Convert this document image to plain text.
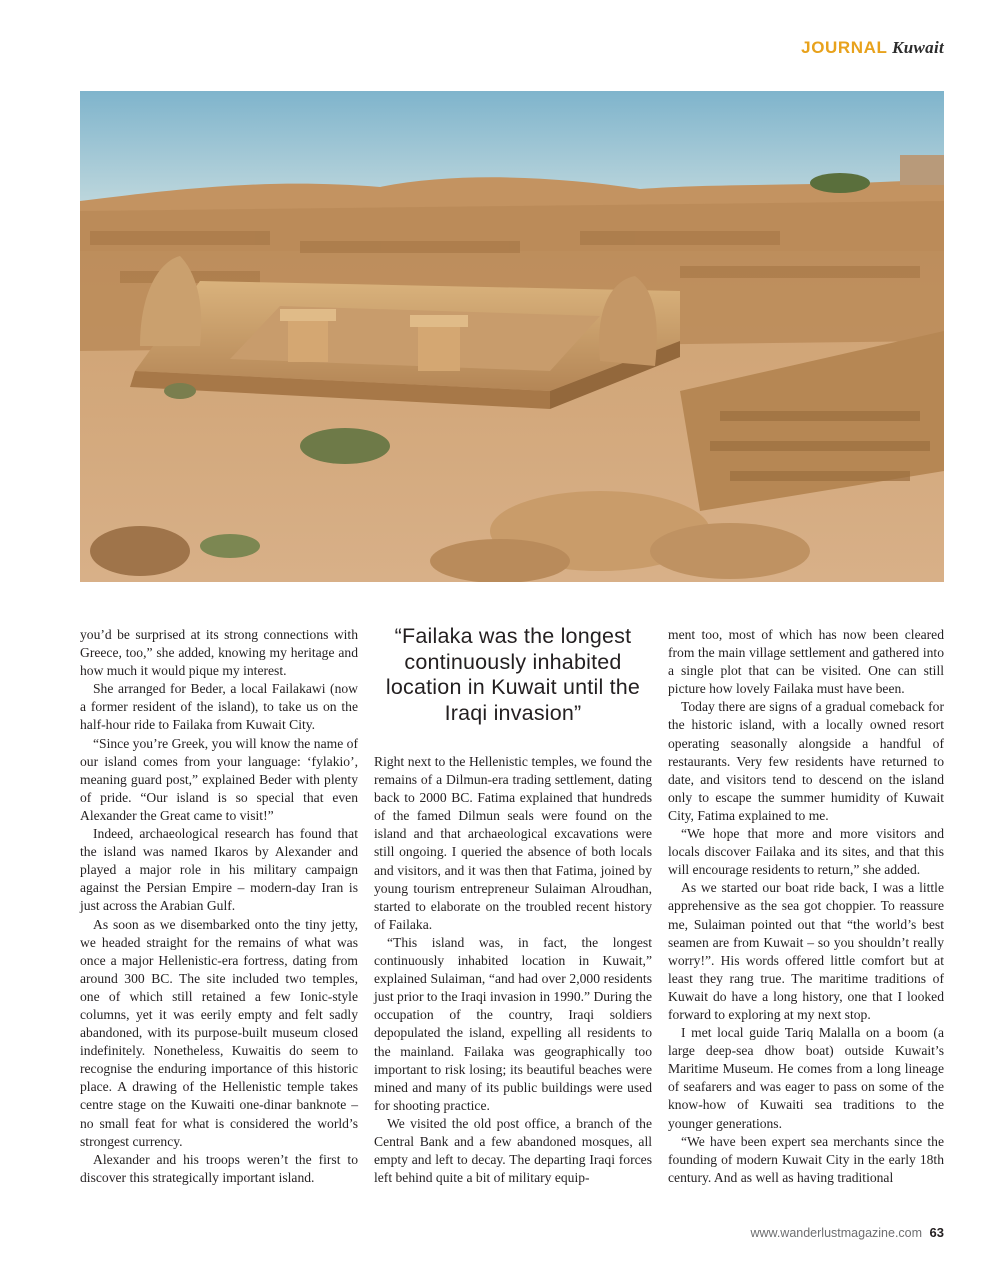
JOURNAL Kuwait

you’d be surprised at its strong connections with Greece, too,” she added, knowing my heritage and how much it would pique my interest.

She arranged for Beder, a local Failakawi (now a former resident of the island), to take us on the half-hour ride to Failaka from Kuwait City.

“Since you’re Greek, you will know the name of our island comes from your language: ‘fylakio’, meaning guard post,” explained Beder with plenty of pride. “Our island is so special that even Alexander the Great came to visit!”

Indeed, archaeological research has found that the island was named Ikaros by Alexander and played a major role in his military campaign against the Persian Empire – modern-day Iran is just across the Arabian Gulf.

As soon as we disembarked onto the tiny jetty, we headed straight for the remains of what was once a major Hellenistic-era fortress, dating from around 300 BC. The site included two temples, one of which still retained a few Ionic-style columns, yet it was eerily empty and felt sadly abandoned, with its purpose-built museum closed indefinitely. Nonetheless, Kuwaitis do seem to recognise the enduring importance of this historic place. A drawing of the Hellenistic temple takes centre stage on the Kuwaiti one-dinar banknote – no small feat for what is considered the world’s strongest currency.

Alexander and his troops weren’t the first to discover this strategically important island.

“Failaka was the longest continuously inhabited location in Kuwait until the Iraqi invasion”

Right next to the Hellenistic temples, we found the remains of a Dilmun-era trading settlement, dating back to 2000 BC. Fatima explained that hundreds of the famed Dilmun seals were found on the island and that archaeological excavations were still ongoing. I queried the absence of both locals and visitors, and it was then that Fatima, joined by young tourism entrepreneur Sulaiman Alroudhan, started to elaborate on the troubled recent history of Failaka.

“This island was, in fact, the longest continuously inhabited location in Kuwait,” explained Sulaiman, “and had over 2,000 residents just prior to the Iraqi invasion in 1990.” During the occupation of the country, Iraqi soldiers depopulated the island, expelling all residents to the mainland. Failaka was geographically too important to risk losing; its beautiful beaches were mined and many of its public buildings were used for shooting practice.

We visited the old post office, a branch of the Central Bank and a few abandoned mosques, all empty and left to decay. The departing Iraqi forces left behind quite a bit of military equip-

ment too, most of which has now been cleared from the main village settlement and gathered into a single plot that can be visited. One can still picture how lovely Failaka must have been.

Today there are signs of a gradual comeback for the historic island, with a locally owned resort operating seasonally alongside a handful of restaurants. Very few residents have returned to date, and visitors tend to descend on the island only to escape the summer humidity of Kuwait City, Fatima explained to me.

“We hope that more and more visitors and locals discover Failaka and its sites, and that this will encourage residents to return,” she added.

As we started our boat ride back, I was a little apprehensive as the sea got choppier. To reassure me, Sulaiman pointed out that “the world’s best seamen are from Kuwait – so you shouldn’t really worry!”. His words offered little comfort but at least they rang true. The maritime traditions of Kuwait do have a long history, one that I looked forward to exploring at my next stop.

I met local guide Tariq Malalla on a boom (a large deep-sea dhow boat) outside Kuwait’s Maritime Museum. He comes from a long lineage of seafarers and was eager to pass on some of the know-how of Kuwaiti sea traditions to the younger generations.

“We have been expert sea merchants since the founding of modern Kuwait City in the early 18th century. And as well as having traditional

www.wanderlustmagazine.com 63
